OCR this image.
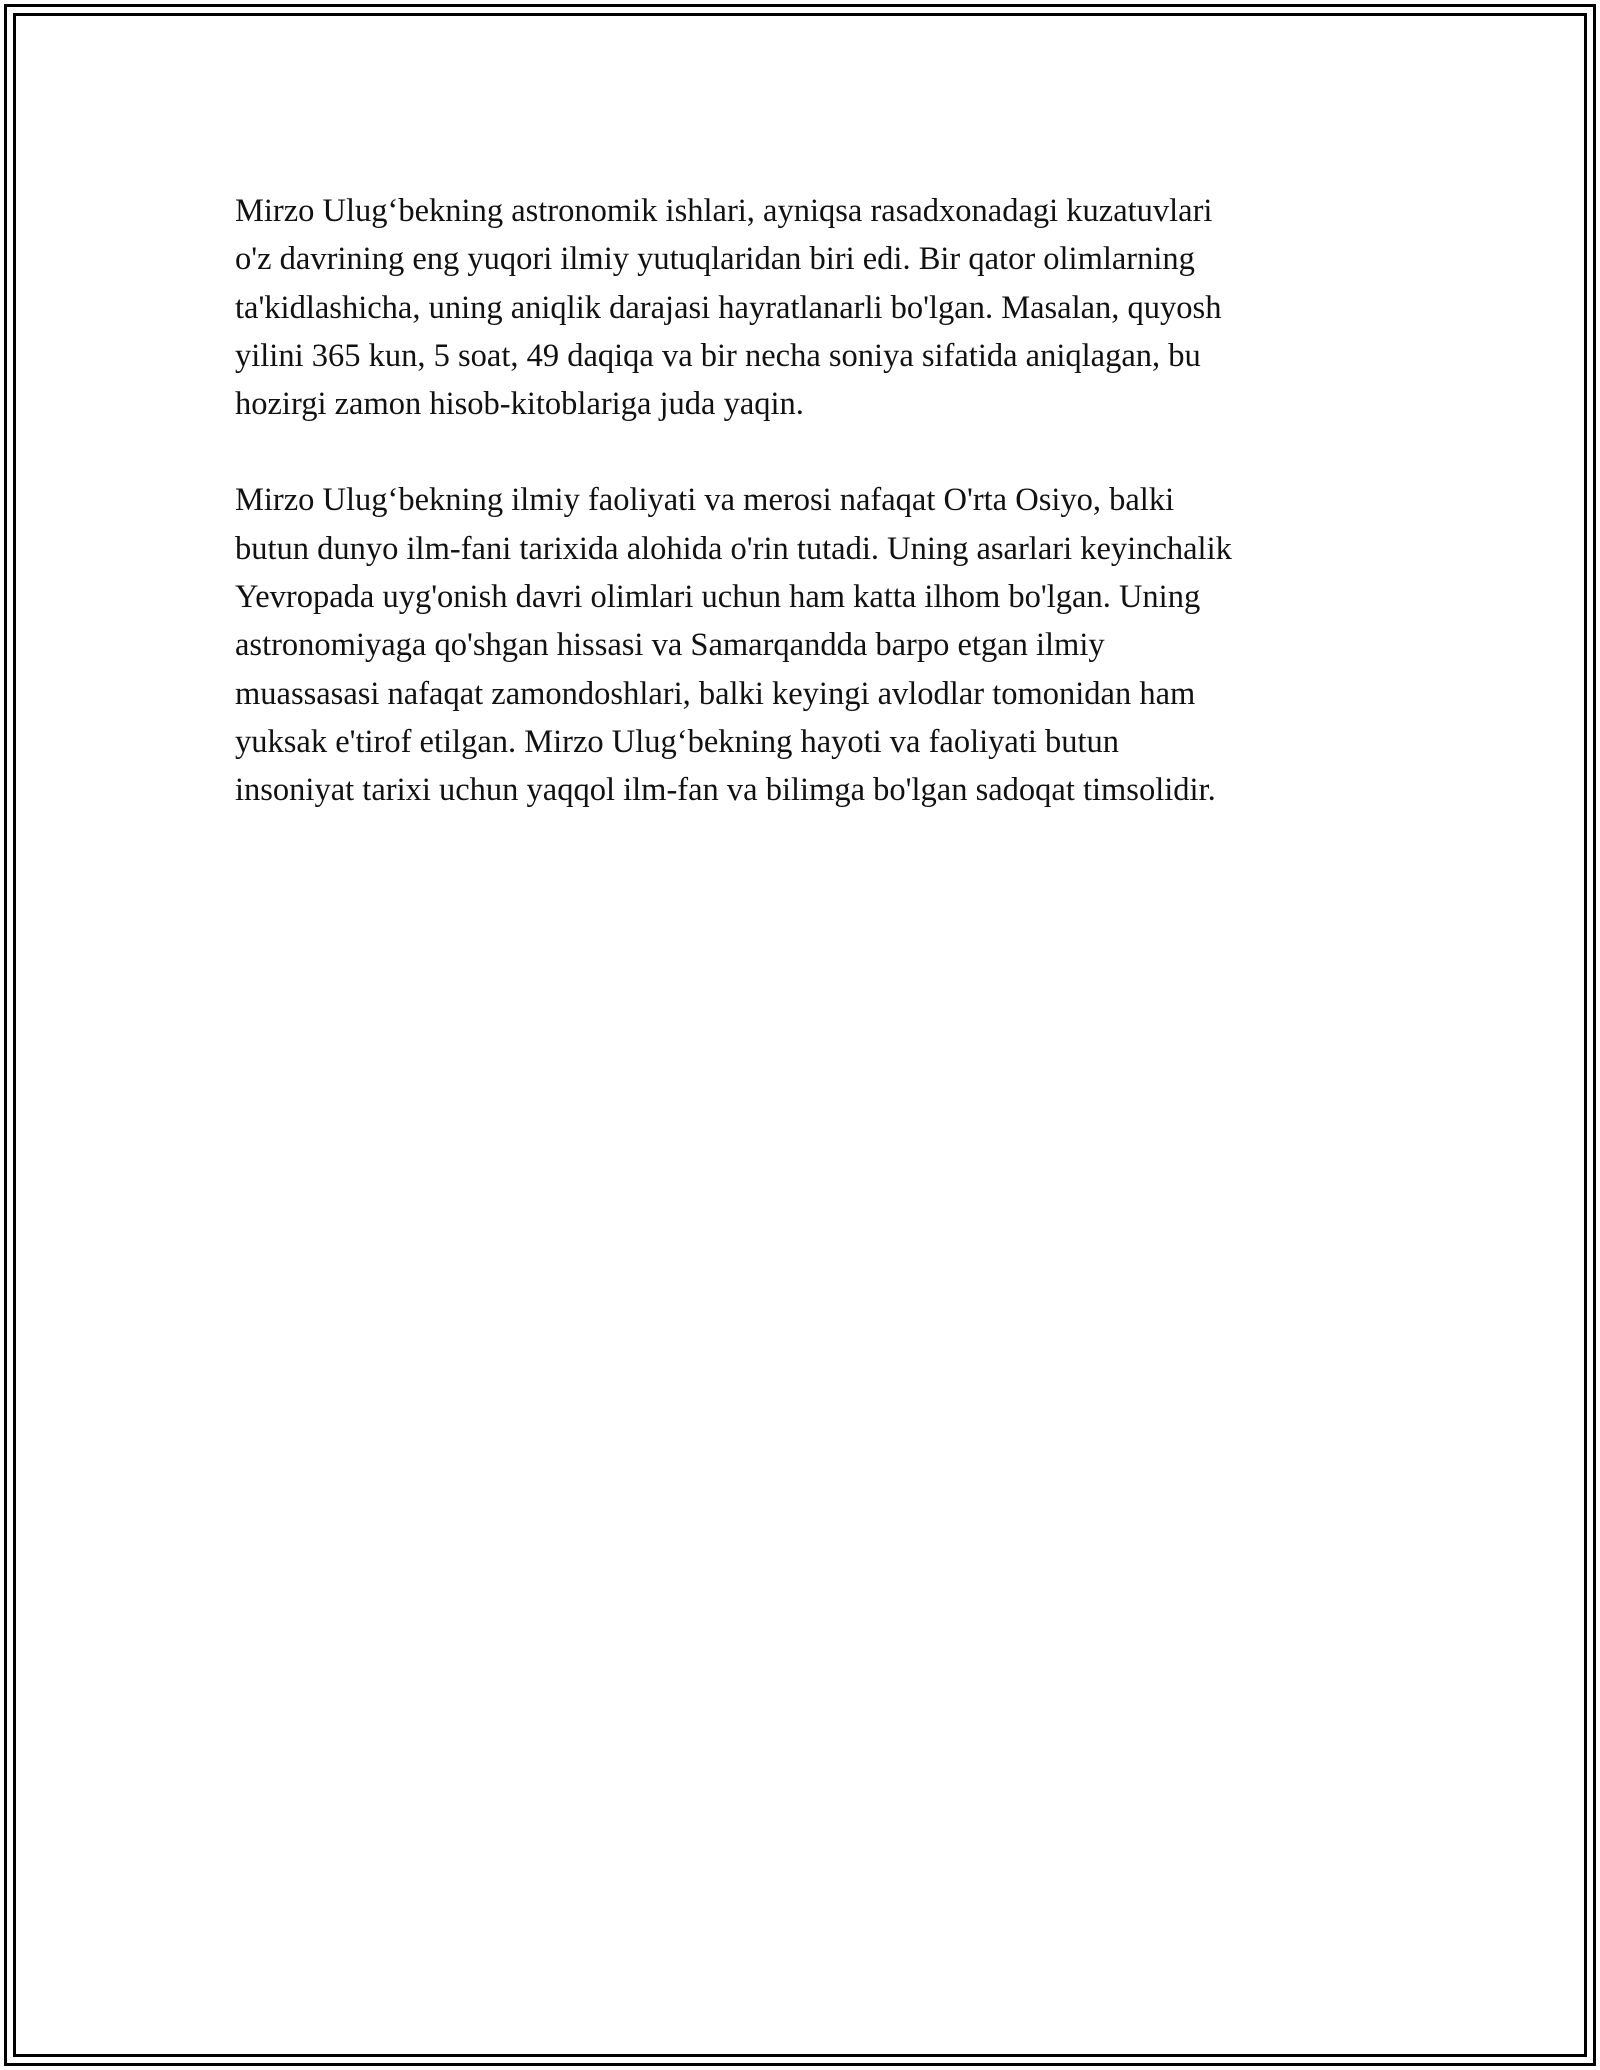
Mirzo Ulug‘bekning astronomik ishlari, ayniqsa rasadxonadagi kuzatuvlari
o'z davrining eng yuqori ilmiy yutuqlaridan biri edi. Bir qator olimlarning
ta'kidlashicha, uning aniqlik darajasi hayratlanarli bo'lgan. Masalan, quyosh
yilini 365 kun, 5 soat, 49 daqiqa va bir necha soniya sifatida aniqlagan, bu
hozirgi zamon hisob-kitoblariga juda yaqin.

Mirzo Ulug‘bekning ilmiy faoliyati va merosi nafaqat O'rta Osiyo, balki
butun dunyo ilm-fani tarixida alohida o'rin tutadi. Uning asarlari keyinchalik
Yevropada uyg'onish davri olimlari uchun ham katta ilhom bo'lgan. Uning
astronomiyaga qo'shgan hissasi va Samarqandda barpo etgan ilmiy
muassasasi nafaqat zamondoshlari, balki keyingi avlodlar tomonidan ham
yuksak e'tirof etilgan. Mirzo Ulug‘bekning hayoti va faoliyati butun
insoniyat tarixi uchun yaqqol ilm-fan va bilimga bo'lgan sadoqat timsolidir.
